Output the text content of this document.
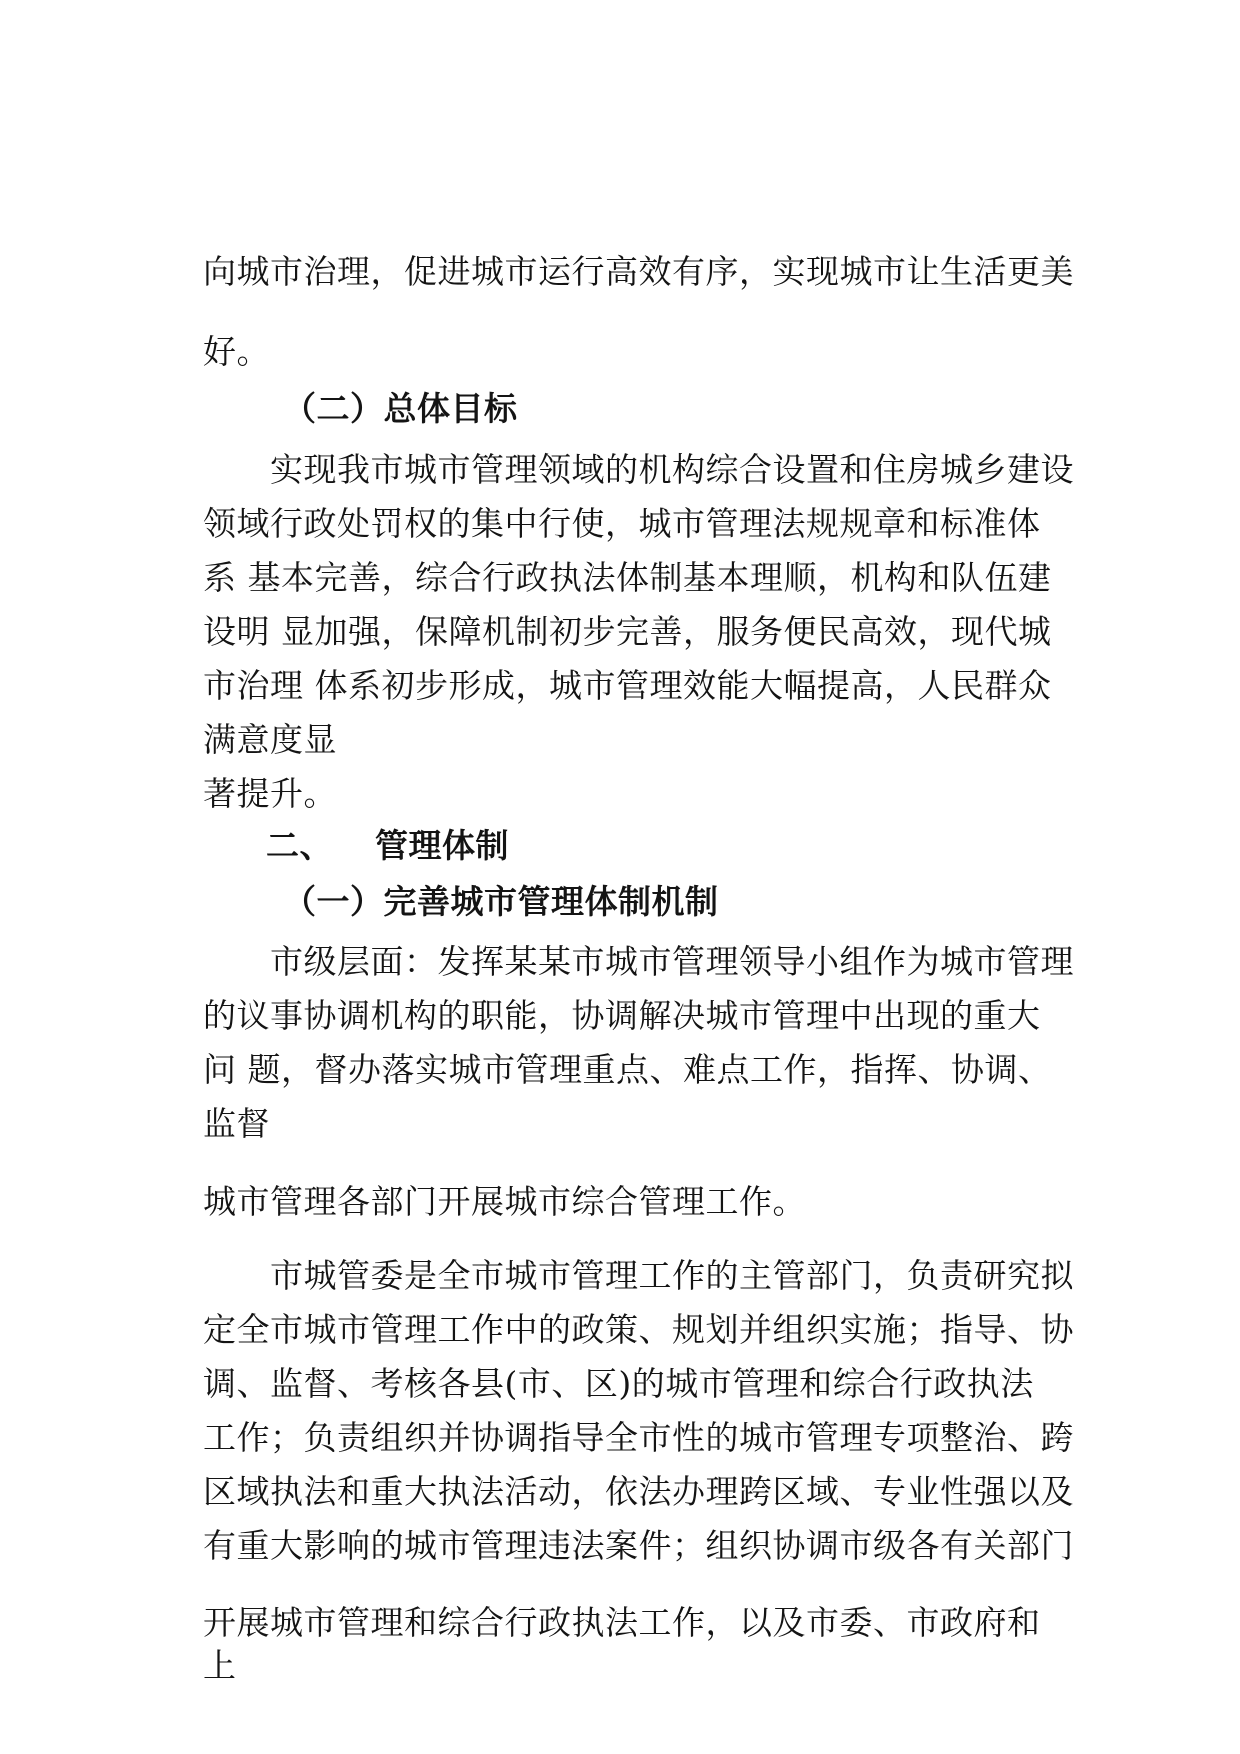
向城市治理，促进城市运行高效有序，实现城市让生活更美

好。

（二）总体目标

实现我市城市管理领域的机构综合设置和住房城乡建设

领域行政处罚权的集中行使，城市管理法规规章和标准体

系 基本完善，综合行政执法体制基本理顺，机构和队伍建

设明 显加强，保障机制初步完善，服务便民高效，现代城

市治理 体系初步形成，城市管理效能大幅提高，人民群众

满意度显

著提升。

二、 管理体制
（一）完善城市管理体制机制

市级层面：发挥某某市城市管理领导小组作为城市管理

的议事协调机构的职能，协调解决城市管理中出现的重大

问 题，督办落实城市管理重点、难点工作，指挥、协调、

监督

城市管理各部门开展城市综合管理工作。

市城管委是全市城市管理工作的主管部门，负责研究拟

定全市城市管理工作中的政策、规划并组织实施；指导、协

调、监督、考核各县(市、区)的城市管理和综合行政执法

工作；负责组织并协调指导全市性的城市管理专项整治、跨

区域执法和重大执法活动，依法办理跨区域、专业性强以及

有重大影响的城市管理违法案件；组织协调市级各有关部门

开展城市管理和综合行政执法工作，以及市委、市政府和

上
